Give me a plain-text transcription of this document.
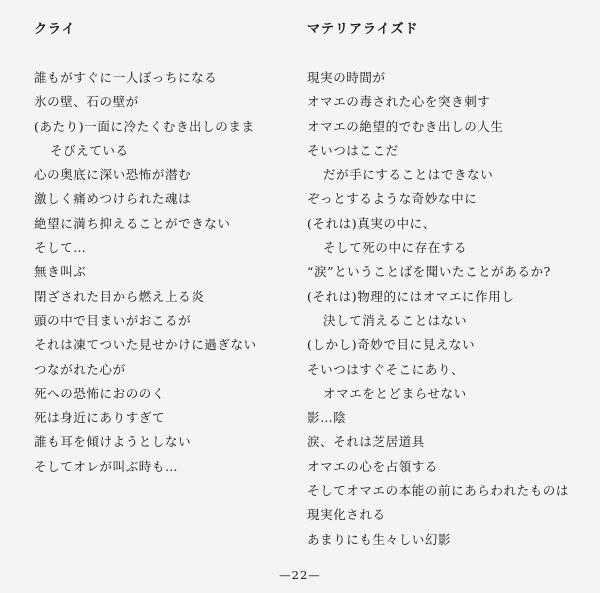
クライ
誰もがすぐに一人ぼっちになる
氷の壁、石の壁が
(あたり)一面に冷たくむき出しのまま
そびえている
心の奥底に深い恐怖が潜む
激しく痛めつけられた魂は
絶望に満ち抑えることができない
そして…
無き叫ぶ
閉ざされた目から燃え上る炎
頭の中で目まいがおこるが
それは凍てついた見せかけに過ぎない
つながれた心が
死への恐怖におののく
死は身近にありすぎて
誰も耳を傾けようとしない
そしてオレが叫ぶ時も…
マテリアライズド
現実の時間が
オマエの毒された心を突き刺す
オマエの絶望的でむき出しの人生
そいつはここだ
だが手にすることはできない
ぞっとするような奇妙な中に
(それは)真実の中に、
そして死の中に存在する
“涙”ということばを聞いたことがあるか?
(それは)物理的にはオマエに作用し
決して消えることはない
(しかし)奇妙で目に見えない
そいつはすぐそこにあり、
オマエをとどまらせない
影…陰
涙、それは芝居道具
オマエの心を占領する
そしてオマエの本能の前にあらわれたものは
現実化される
あまりにも生々しい幻影
—22—
